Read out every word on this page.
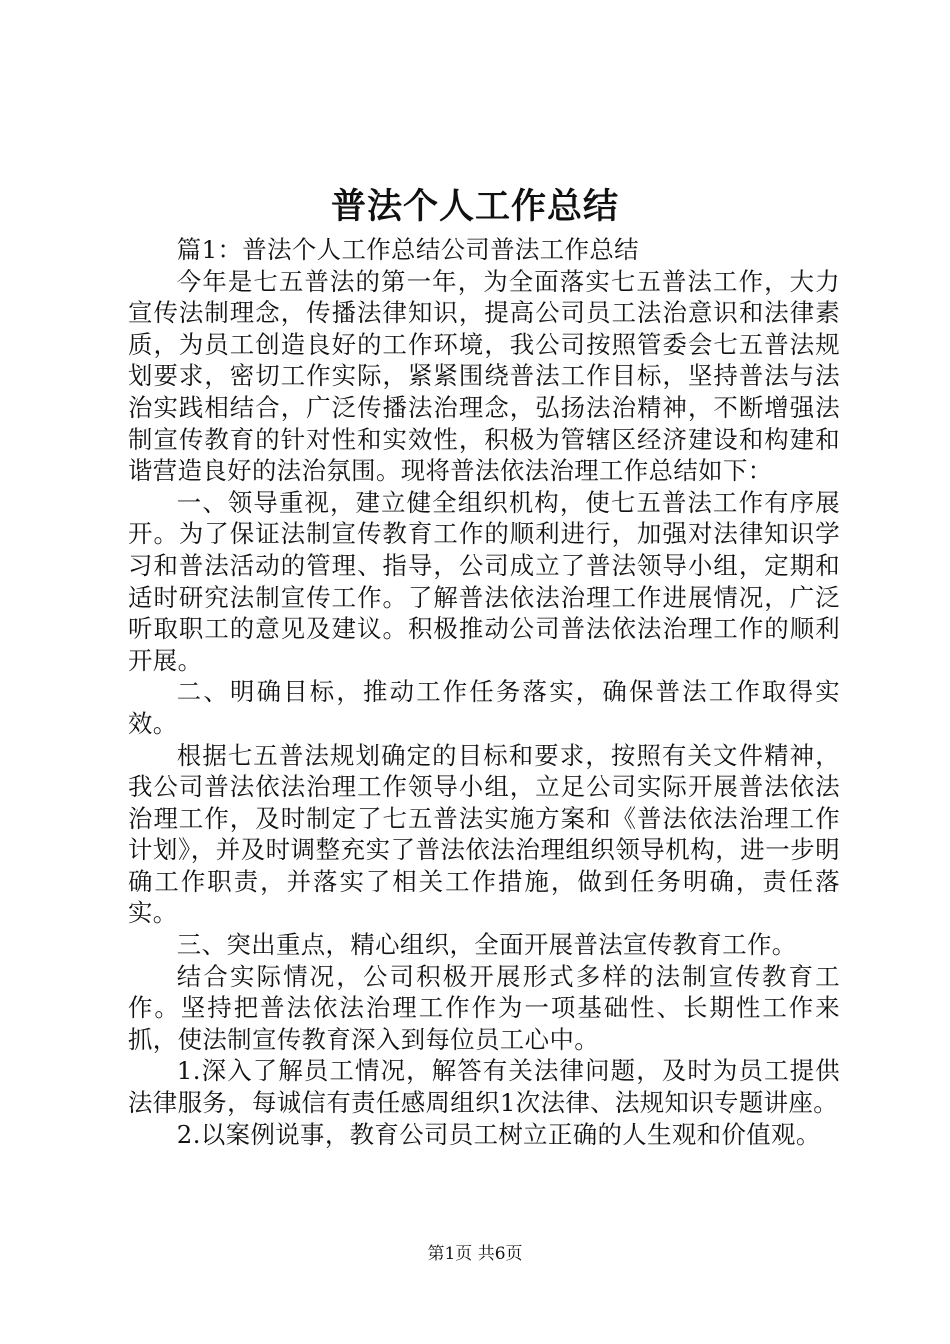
普法个人工作总结

篇1：普法个人工作总结公司普法工作总结

今年是七五普法的第一年，为全面落实七五普法工作，大力宣传法制理念，传播法律知识，提高公司员工法治意识和法律素质，为员工创造良好的工作环境，我公司按照管委会七五普法规划要求，密切工作实际，紧紧围绕普法工作目标，坚持普法与法治实践相结合，广泛传播法治理念，弘扬法治精神，不断增强法制宣传教育的针对性和实效性，积极为管辖区经济建设和构建和谐营造良好的法治氛围。现将普法依法治理工作总结如下：

一、领导重视，建立健全组织机构，使七五普法工作有序展开。为了保证法制宣传教育工作的顺利进行，加强对法律知识学习和普法活动的管理、指导，公司成立了普法领导小组，定期和适时研究法制宣传工作。了解普法依法治理工作进展情况，广泛听取职工的意见及建议。积极推动公司普法依法治理工作的顺利开展。

二、明确目标，推动工作任务落实，确保普法工作取得实效。

根据七五普法规划确定的目标和要求，按照有关文件精神，我公司普法依法治理工作领导小组，立足公司实际开展普法依法治理工作，及时制定了七五普法实施方案和《普法依法治理工作计划》，并及时调整充实了普法依法治理组织领导机构，进一步明确工作职责，并落实了相关工作措施，做到任务明确，责任落实。

三、突出重点，精心组织，全面开展普法宣传教育工作。

结合实际情况，公司积极开展形式多样的法制宣传教育工作。坚持把普法依法治理工作作为一项基础性、长期性工作来抓，使法制宣传教育深入到每位员工心中。

1.深入了解员工情况，解答有关法律问题，及时为员工提供法律服务，每诚信有责任感周组织1次法律、法规知识专题讲座。

2.以案例说事，教育公司员工树立正确的人生观和价值观。

第1页 共6页
